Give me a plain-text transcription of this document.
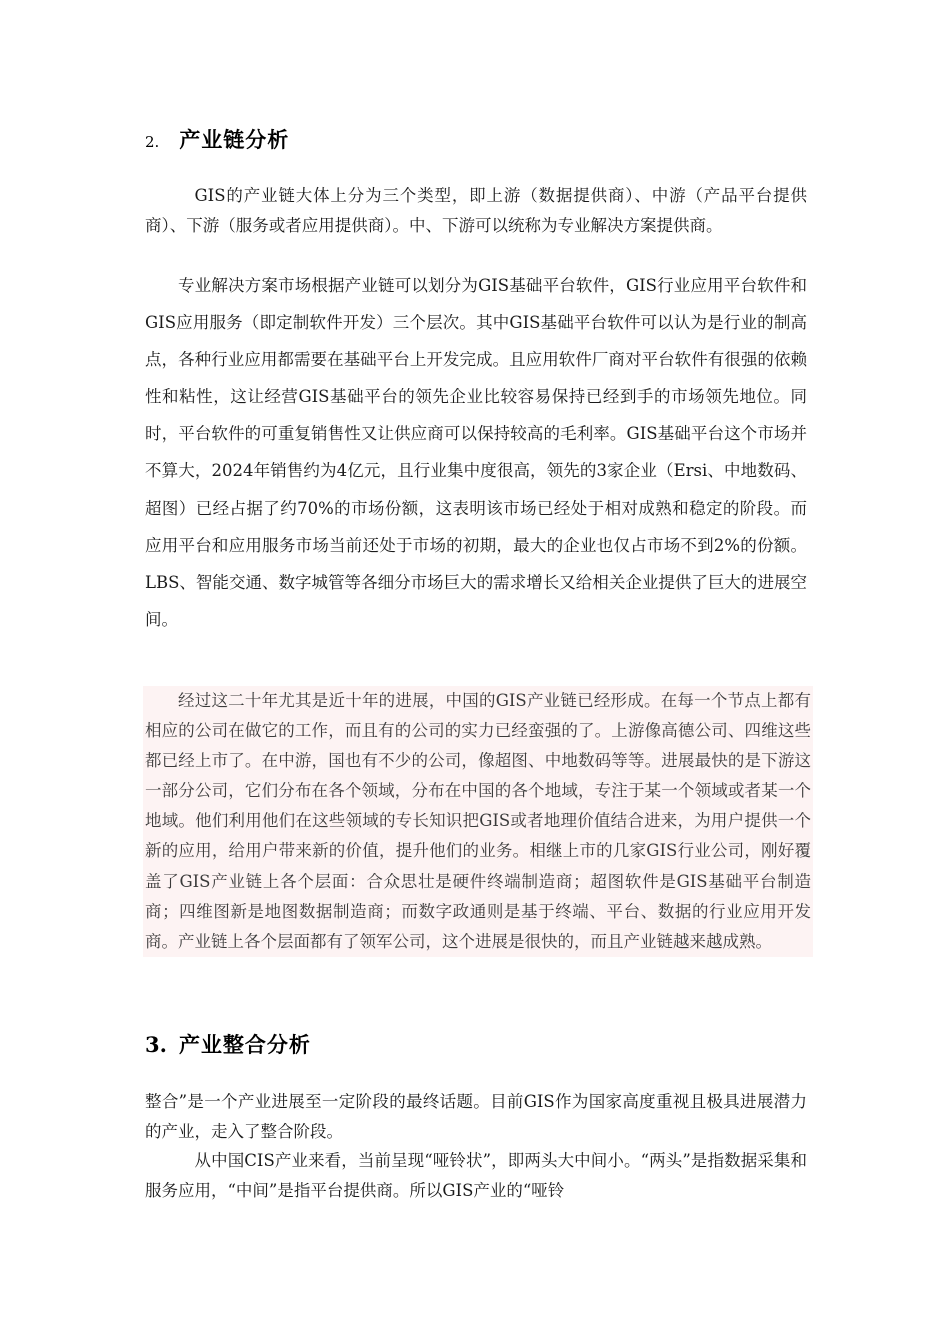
2. 产业链分析

GIS的产业链大体上分为三个类型，即上游（数据提供商）、中游（产品平台提供商）、下游（服务或者应用提供商）。中、下游可以统称为专业解决方案提供商。

专业解决方案市场根据产业链可以划分为GIS基础平台软件，GIS行业应用平台软件和GIS应用服务（即定制软件开发）三个层次。其中GIS基础平台软件可以认为是行业的制高点，各种行业应用都需要在基础平台上开发完成。且应用软件厂商对平台软件有很强的依赖性和粘性，这让经营GIS基础平台的领先企业比较容易保持已经到手的市场领先地位。同时，平台软件的可重复销售性又让供应商可以保持较高的毛利率。GIS基础平台这个市场并不算大，2024年销售约为4亿元，且行业集中度很高，领先的3家企业（Ersi、中地数码、超图）已经占据了约70%的市场份额，这表明该市场已经处于相对成熟和稳定的阶段。而应用平台和应用服务市场当前还处于市场的初期，最大的企业也仅占市场不到2%的份额。LBS、智能交通、数字城管等各细分市场巨大的需求增长又给相关企业提供了巨大的进展空间。

经过这二十年尤其是近十年的进展，中国的GIS产业链已经形成。在每一个节点上都有相应的公司在做它的工作，而且有的公司的实力已经蛮强的了。上游像高德公司、四维这些都已经上市了。在中游，国也有不少的公司，像超图、中地数码等等。进展最快的是下游这一部分公司，它们分布在各个领域，分布在中国的各个地域，专注于某一个领域或者某一个地域。他们利用他们在这些领域的专长知识把GIS或者地理价值结合进来，为用户提供一个新的应用，给用户带来新的价值，提升他们的业务。相继上市的几家GIS行业公司，刚好覆盖了GIS产业链上各个层面：合众思壮是硬件终端制造商；超图软件是GIS基础平台制造商；四维图新是地图数据制造商；而数字政通则是基于终端、平台、数据的行业应用开发商。产业链上各个层面都有了领军公司，这个进展是很快的，而且产业链越来越成熟。

3. 产业整合分析

整合”是一个产业进展至一定阶段的最终话题。目前GIS作为国家高度重视且极具进展潜力的产业，走入了整合阶段。

从中国CIS产业来看，当前呈现“哑铃状”，即两头大中间小。“两头”是指数据采集和服务应用，“中间”是指平台提供商。所以GIS产业的“哑铃
